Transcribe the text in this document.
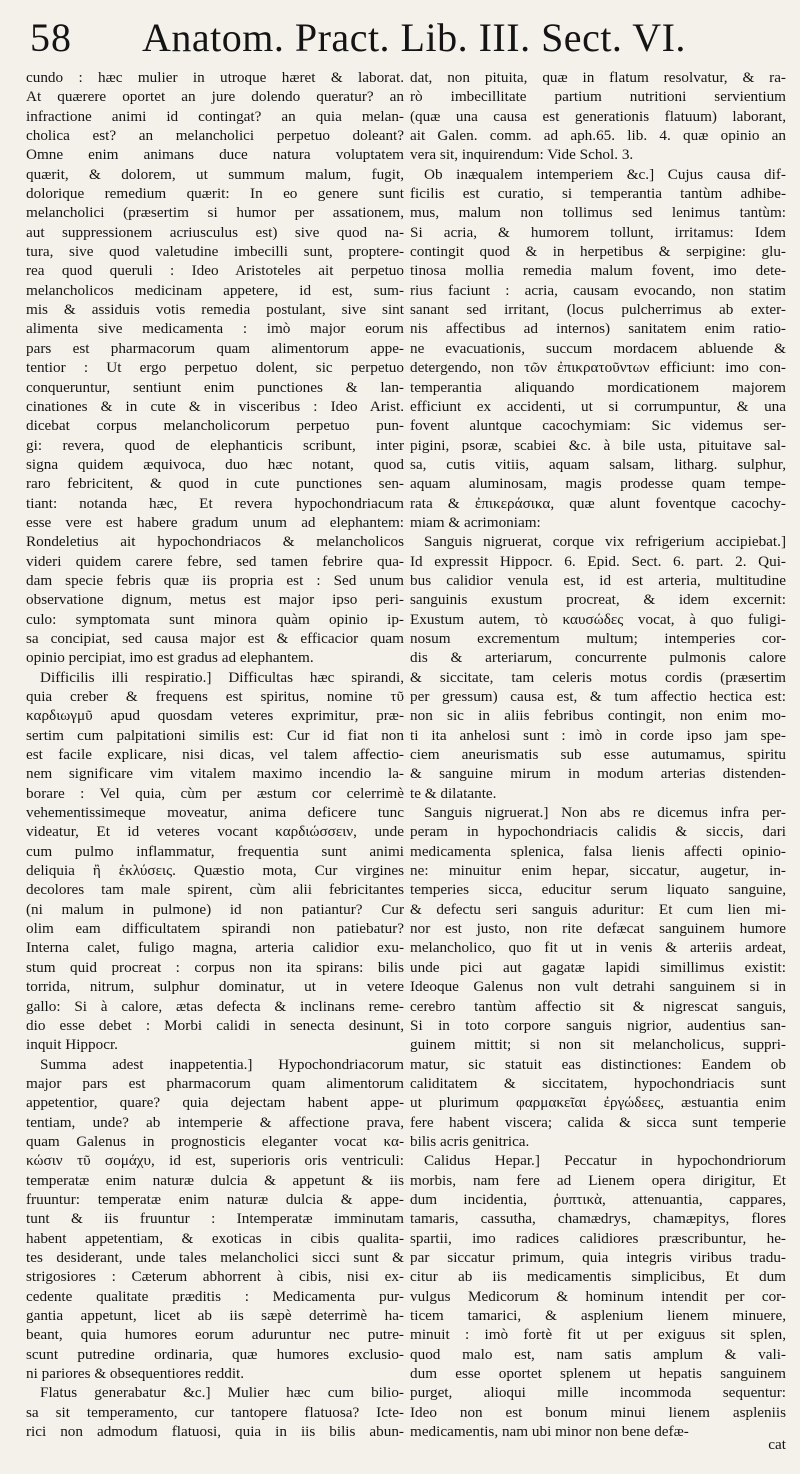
58 Anatom. Pract. Lib. III. Sect. VI.
cundo : hæc mulier in utroque hæret & laborat.
At quærere oportet an jure dolendo queratur? an
infractione animi id contingat? an quia melan-
cholica est? an melancholici perpetuo doleant?
Omne enim animans duce natura voluptatem
quærit, & dolorem, ut summum malum, fugit,
dolorique remedium quærit: In eo genere sunt
melancholici (præsertim si humor per assationem,
aut suppressionem acriusculus est) sive quod na-
tura, sive quod valetudine imbecilli sunt, proptere-
rea quod queruli : Ideo Aristoteles ait perpetuo
melancholicos medicinam appetere, id est, sum-
mis & assiduis votis remedia postulant, sive sint
alimenta sive medicamenta : imò major eorum
pars est pharmacorum quam alimentorum appe-
tentior : Ut ergo perpetuo dolent, sic perpetuo
conqueruntur, sentiunt enim punctiones & lan-
cinationes & in cute & in visceribus : Ideo Arist.
dicebat corpus melancholicorum perpetuo pun-
gi: revera, quod de elephanticis scribunt, inter
signa quidem æquivoca, duo hæc notant, quod
raro febricitent, & quod in cute punctiones sen-
tiant: notanda hæc, Et revera hypochondriacum
esse vere est habere gradum unum ad elephantem:
Rondeletius ait hypochondriacos & melancholicos
videri quidem carere febre, sed tamen febrire qua-
dam specie febris quæ iis propria est : Sed unum
observatione dignum, metus est major ipso peri-
culo: symptomata sunt minora quàm opinio ip-
sa concipiat, sed causa major est & efficacior quam
opinio percipiat, imo est gradus ad elephantem.
Difficilis illi respiratio.] Difficultas hæc spirandi,
quia creber & frequens est spiritus, nomine τῦ
καρδιωγμῦ apud quosdam veteres exprimitur, præ-
sertim cum palpitationi similis est: Cur id fiat non
est facile explicare, nisi dicas, vel talem affectio-
nem significare vim vitalem maximo incendio la-
borare : Vel quia, cùm per æstum cor celerrimè
vehementissimeque moveatur, anima deficere tunc
videatur, Et id veteres vocant καρδιώσσειν, unde
cum pulmo inflammatur, frequentia sunt animi
deliquia ἢ ἐκλύσεις. Quæstio mota, Cur virgines
decolores tam male spirent, cùm alii febricitantes
(ni malum in pulmone) id non patiantur? Cur
olim eam difficultatem spirandi non patiebatur?
Interna calet, fuligo magna, arteria calidior exu-
stum quid procreat : corpus non ita spirans: bilis
torrida, nitrum, sulphur dominatur, ut in vetere
gallo: Si à calore, ætas defecta & inclinans reme-
dio esse debet : Morbi calidi in senecta desinunt,
inquit Hippocr.
Summa adest inappetentia.] Hypochondriacorum
major pars est pharmacorum quam alimentorum
appetentior, quare? quia dejectam habent appe-
tentiam, unde? ab intemperie & affectione prava,
quam Galenus in prognosticis eleganter vocat κα-
κώσιν τῦ σομάχυ, id est, superioris oris ventriculi:
temperatæ enim naturæ dulcia & appetunt & iis
fruuntur: temperatæ enim naturæ dulcia & appe-
tunt & iis fruuntur : Intemperatæ imminutam
habent appetentiam, & exoticas in cibis qualita-
tes desiderant, unde tales melancholici sicci sunt &
strigosiores : Cæterum abhorrent à cibis, nisi ex-
cedente qualitate præditis : Medicamenta pur-
gantia appetunt, licet ab iis sæpè deterrimè ha-
beant, quia humores eorum aduruntur nec putre-
scunt putredine ordinaria, quæ humores exclusio-
ni pariores & obsequentiores reddit.
Flatus generabatur &c.] Mulier hæc cum bilio-
sa sit temperamento, cur tantopere flatuosa? Icte-
rici non admodum flatuosi, quia in iis bilis abun-
dat, non pituita, quæ in flatum resolvatur, & ra-
rò imbecillitate partium nutritioni servientium
(quæ una causa est generationis flatuum) laborant,
ait Galen. comm. ad aph.65. lib. 4. quæ opinio an
vera sit, inquirendum: Vide Schol. 3.
Ob inæqualem intemperiem &c.] Cujus causa dif-
ficilis est curatio, si temperantia tantùm adhibe-
mus, malum non tollimus sed lenimus tantùm:
Si acria, & humorem tollunt, irritamus: Idem
contingit quod & in herpetibus & serpigine: glu-
tinosa mollia remedia malum fovent, imo dete-
rius faciunt : acria, causam evocando, non statim
sanant sed irritant, (locus pulcherrimus ab exter-
nis affectibus ad internos) sanitatem enim ratio-
ne evacuationis, succum mordacem abluende &
detergendo, non τῶν ἐπικρατοῦντων efficiunt: imo con-
temperantia aliquando mordicationem majorem
efficiunt ex accidenti, ut si corrumpuntur, & una
fovent aluntque cacochymiam: Sic videmus ser-
pigini, psoræ, scabiei &c. à bile usta, pituitave sal-
sa, cutis vitiis, aquam salsam, litharg. sulphur,
aquam aluminosam, magis prodesse quam tempe-
rata & ἐπικεράσικα, quæ alunt foventque cacochy-
miam & acrimoniam:
Sanguis nigruerat, corque vix refrigerium accipiebat.]
Id expressit Hippocr. 6. Epid. Sect. 6. part. 2. Qui-
bus calidior venula est, id est arteria, multitudine
sanguinis exustum procreat, & idem excernit:
Exustum autem, τὸ καυσώδες vocat, à quo fuligi-
nosum excrementum multum; intemperies cor-
dis & arteriarum, concurrente pulmonis calore
& siccitate, tam celeris motus cordis (præsertim
per gressum) causa est, & tum affectio hectica est:
non sic in aliis febribus contingit, non enim mo-
ti ita anhelosi sunt : imò in corde ipso jam spe-
ciem aneurismatis sub esse autumamus, spiritu
& sanguine mirum in modum arterias distenden-
te & dilatante.
Sanguis nigruerat.] Non abs re dicemus infra per-
peram in hypochondriacis calidis & siccis, dari
medicamenta splenica, falsa lienis affecti opinio-
ne: minuitur enim hepar, siccatur, augetur, in-
temperies sicca, educitur serum liquato sanguine,
& defectu seri sanguis aduritur: Et cum lien mi-
nor est justo, non rite defæcat sanguinem humore
melancholico, quo fit ut in venis & arteriis ardeat,
unde pici aut gagatæ lapidi simillimus existit:
Ideoque Galenus non vult detrahi sanguinem si in
cerebro tantùm affectio sit & nigrescat sanguis,
Si in toto corpore sanguis nigrior, audentius san-
guinem mittit; si non sit melancholicus, suppri-
matur, sic statuit eas distinctiones: Eandem ob
caliditatem & siccitatem, hypochondriacis sunt
ut plurimum φαρμακεῖαι ἐργώδεες, æstuantia enim
fere habent viscera; calida & sicca sunt temperie
bilis acris genitrica.
Calidus Hepar.] Peccatur in hypochondriorum
morbis, nam fere ad Lienem opera dirigitur, Et
dum incidentia, ῥυπτικὰ, attenuantia, cappares,
tamaris, cassutha, chamædrys, chamæpitys, flores
spartii, imo radices calidiores præscribuntur, he-
par siccatur primum, quia integris viribus tradu-
citur ab iis medicamentis simplicibus, Et dum
vulgus Medicorum & hominum intendit per cor-
ticem tamarici, & asplenium lienem minuere,
minuit : imò fortè fit ut per exiguus sit splen,
quod malo est, nam satis amplum & vali-
dum esse oportet splenem ut hepatis sanguinem
purget, alioqui mille incommoda sequentur:
Ideo non est bonum minui lienem aspleniis
medicamentis, nam ubi minor non bene defæ-
cat
